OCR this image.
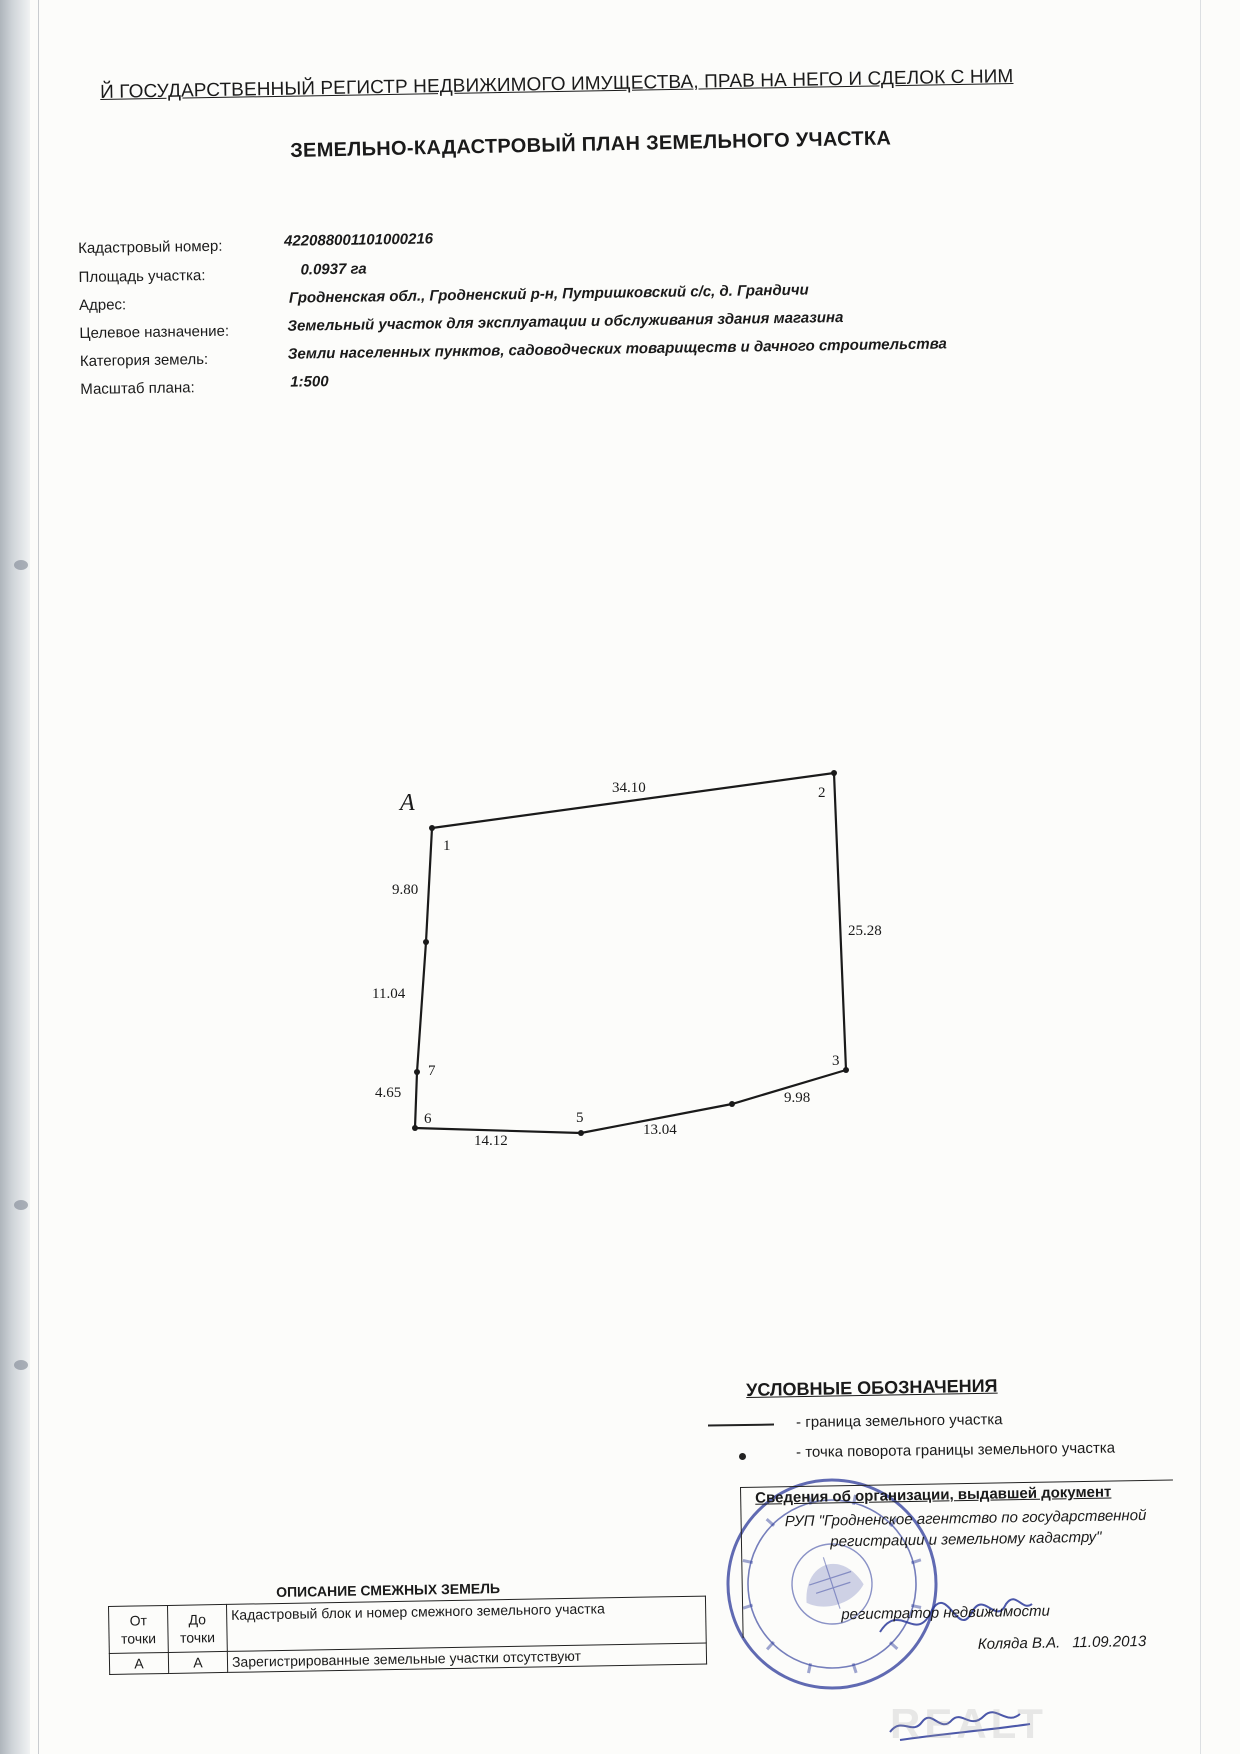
Й ГОСУДАРСТВЕННЫЙ РЕГИСТР НЕДВИЖИМОГО ИМУЩЕСТВА, ПРАВ НА НЕГО И СДЕЛОК С НИМ
ЗЕМЕЛЬНО-КАДАСТРОВЫЙ ПЛАН ЗЕМЕЛЬНОГО УЧАСТКА
Кадастровый номер:	422088001101000216
Площадь участка:	0.0937 га
Адрес:	Гродненская обл., Гродненский р-н, Путришковский с/с, д. Грандичи
Целевое назначение:	Земельный участок для эксплуатации и обслуживания здания магазина
Категория земель:	Земли населенных пунктов, садоводческих товариществ и дачного строительства
Масштаб плана:	1:500
А
1
2
3
5
6
7
34.10
25.28
9.98
13.04
14.12
4.65
11.04
9.80
УСЛОВНЫЕ ОБОЗНАЧЕНИЯ
- граница земельного участка
- точка поворота границы земельного участка
Сведения об организации, выдавшей документ
РУП "Гродненское агентство по государственной регистрации и земельному кадастру"
регистратор недвижимости
Коляда В.А. 11.09.2013
ОПИСАНИЕ СМЕЖНЫХ ЗЕМЕЛЬ
От точки	До точки	Кадастровый блок и номер смежного земельного участка
А	А	Зарегистрированные земельные участки отсутствуют
REALT
